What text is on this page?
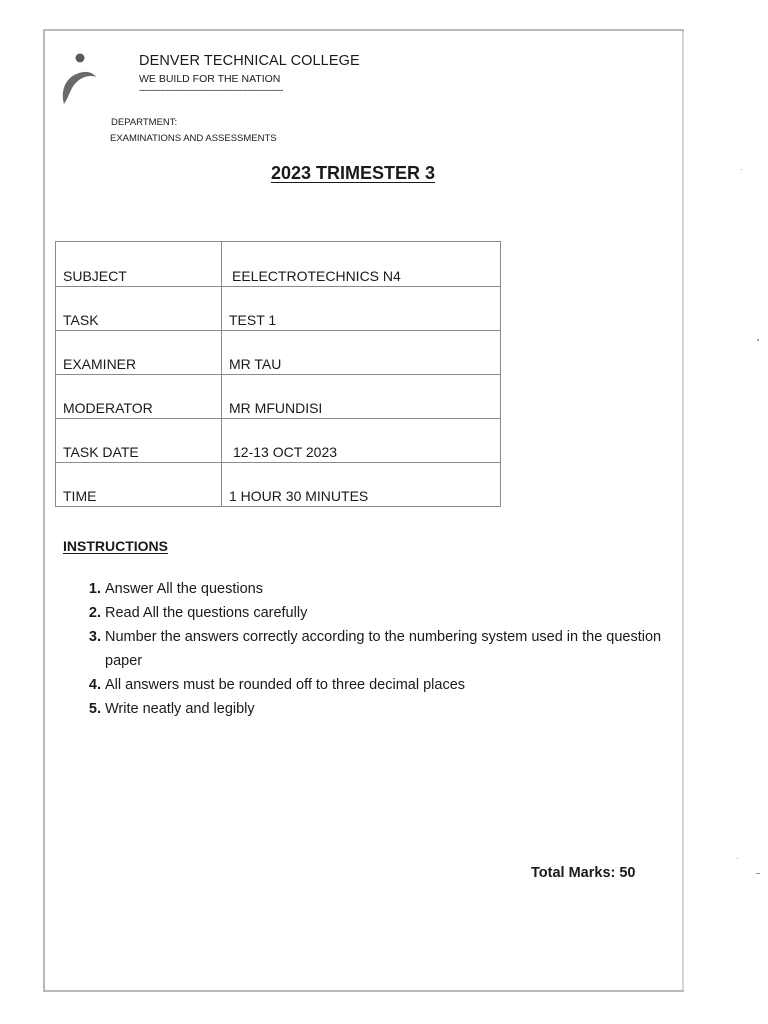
DENVER TECHNICAL COLLEGE
WE BUILD FOR THE NATION
------------------------------------------------------------
DEPARTMENT:
EXAMINATIONS AND ASSESSMENTS
2023 TRIMESTER 3
SUBJECT	EELECTROTECHNICS N4
TASK	TEST 1
EXAMINER	MR TAU
MODERATOR	MR MFUNDISI
TASK DATE	12-13 OCT 2023
TIME	1 HOUR 30 MINUTES
INSTRUCTIONS
1. Answer All the questions
2. Read All the questions carefully
3. Number the answers correctly according to the numbering system used in the question paper
4. All answers must be rounded off to three decimal places
5. Write neatly and legibly
Total Marks: 50
